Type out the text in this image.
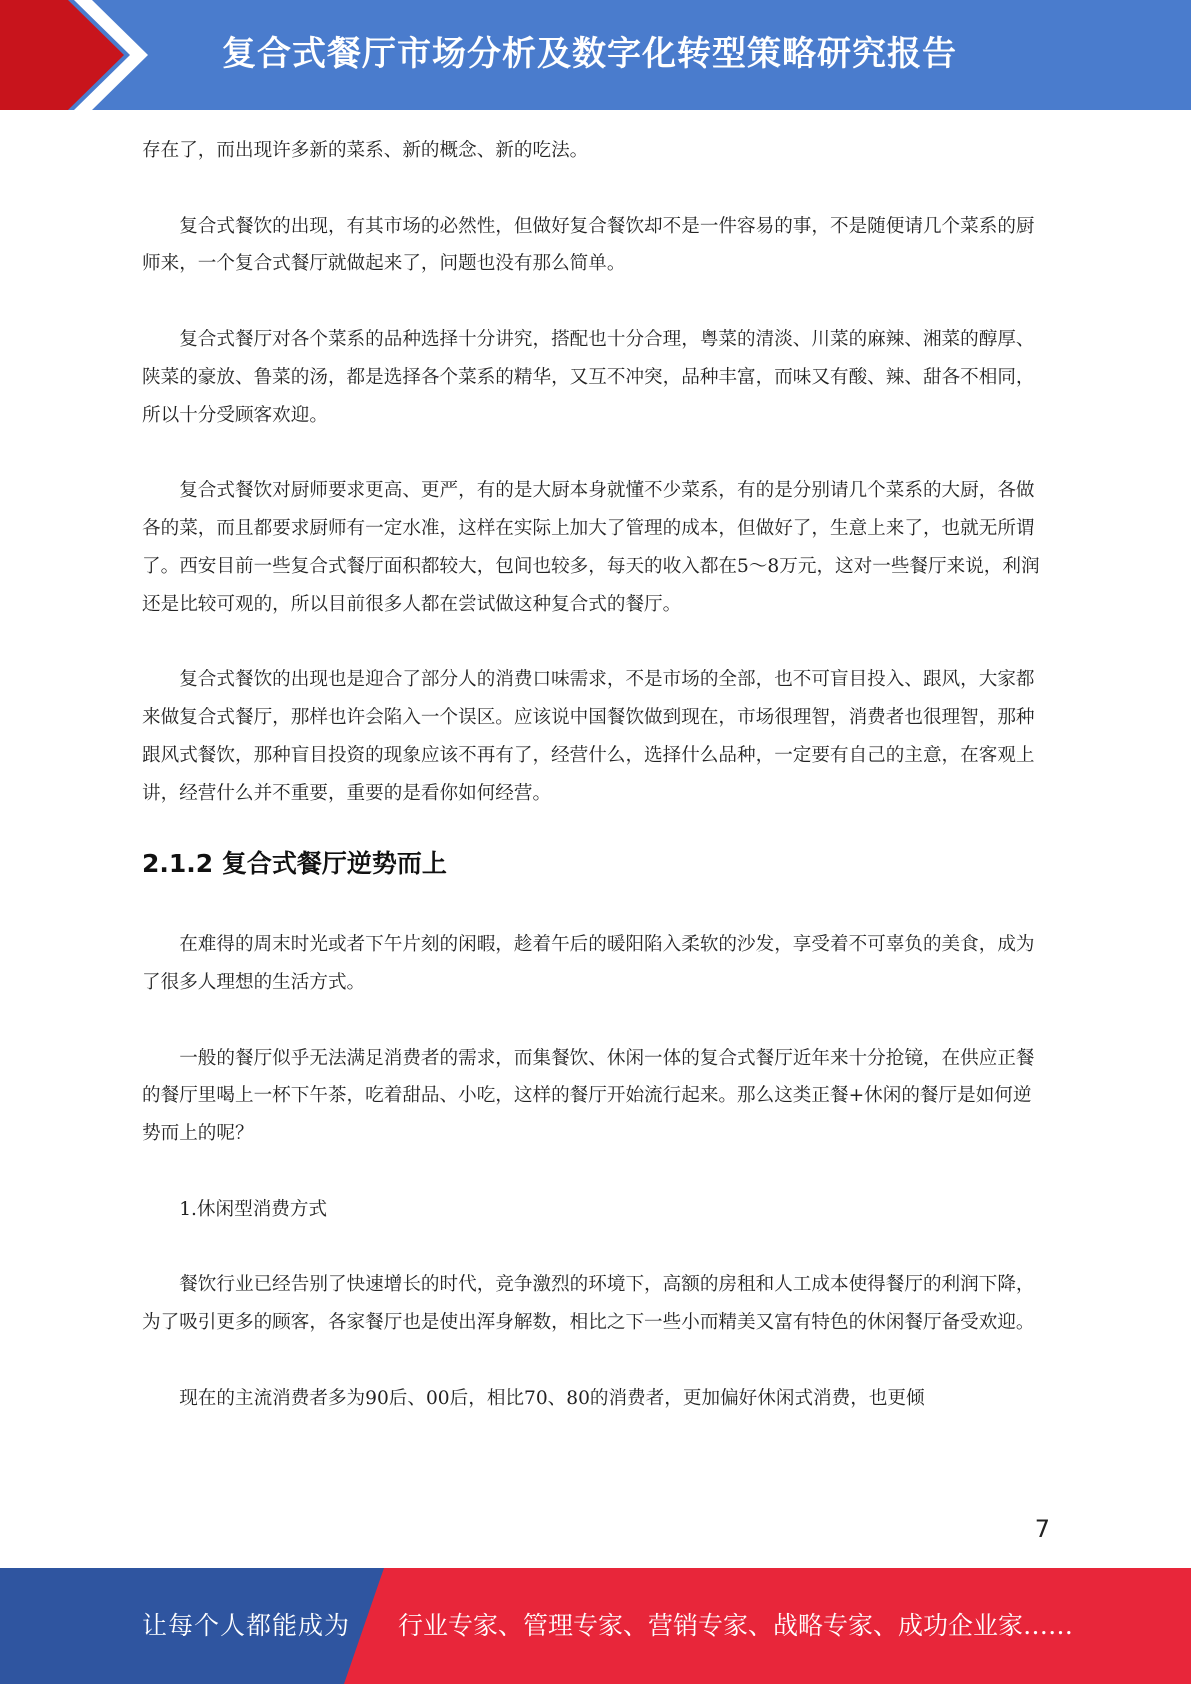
复合式餐厅市场分析及数字化转型策略研究报告

存在了，而出现许多新的菜系、新的概念、新的吃法。

复合式餐饮的出现，有其市场的必然性，但做好复合餐饮却不是一件容易的事，不是随便请几个菜系的厨师来，一个复合式餐厅就做起来了，问题也没有那么简单。

复合式餐厅对各个菜系的品种选择十分讲究，搭配也十分合理，粤菜的清淡、川菜的麻辣、湘菜的醇厚、陕菜的豪放、鲁菜的汤，都是选择各个菜系的精华，又互不冲突，品种丰富，而味又有酸、辣、甜各不相同，所以十分受顾客欢迎。

复合式餐饮对厨师要求更高、更严，有的是大厨本身就懂不少菜系，有的是分别请几个菜系的大厨，各做各的菜，而且都要求厨师有一定水准，这样在实际上加大了管理的成本，但做好了，生意上来了，也就无所谓了。西安目前一些复合式餐厅面积都较大，包间也较多，每天的收入都在5～8万元，这对一些餐厅来说，利润还是比较可观的，所以目前很多人都在尝试做这种复合式的餐厅。

复合式餐饮的出现也是迎合了部分人的消费口味需求，不是市场的全部，也不可盲目投入、跟风，大家都来做复合式餐厅，那样也许会陷入一个误区。应该说中国餐饮做到现在，市场很理智，消费者也很理智，那种跟风式餐饮，那种盲目投资的现象应该不再有了，经营什么，选择什么品种，一定要有自己的主意，在客观上讲，经营什么并不重要，重要的是看你如何经营。

2.1.2 复合式餐厅逆势而上

在难得的周末时光或者下午片刻的闲暇，趁着午后的暖阳陷入柔软的沙发，享受着不可辜负的美食，成为了很多人理想的生活方式。

一般的餐厅似乎无法满足消费者的需求，而集餐饮、休闲一体的复合式餐厅近年来十分抢镜，在供应正餐的餐厅里喝上一杯下午茶，吃着甜品、小吃，这样的餐厅开始流行起来。那么这类正餐+休闲的餐厅是如何逆势而上的呢？

1.休闲型消费方式

餐饮行业已经告别了快速增长的时代，竞争激烈的环境下，高额的房租和人工成本使得餐厅的利润下降，为了吸引更多的顾客，各家餐厅也是使出浑身解数，相比之下一些小而精美又富有特色的休闲餐厅备受欢迎。

现在的主流消费者多为90后、00后，相比70、80的消费者，更加偏好休闲式消费，也更倾

7
让每个人都能成为 行业专家、管理专家、营销专家、战略专家、成功企业家……
